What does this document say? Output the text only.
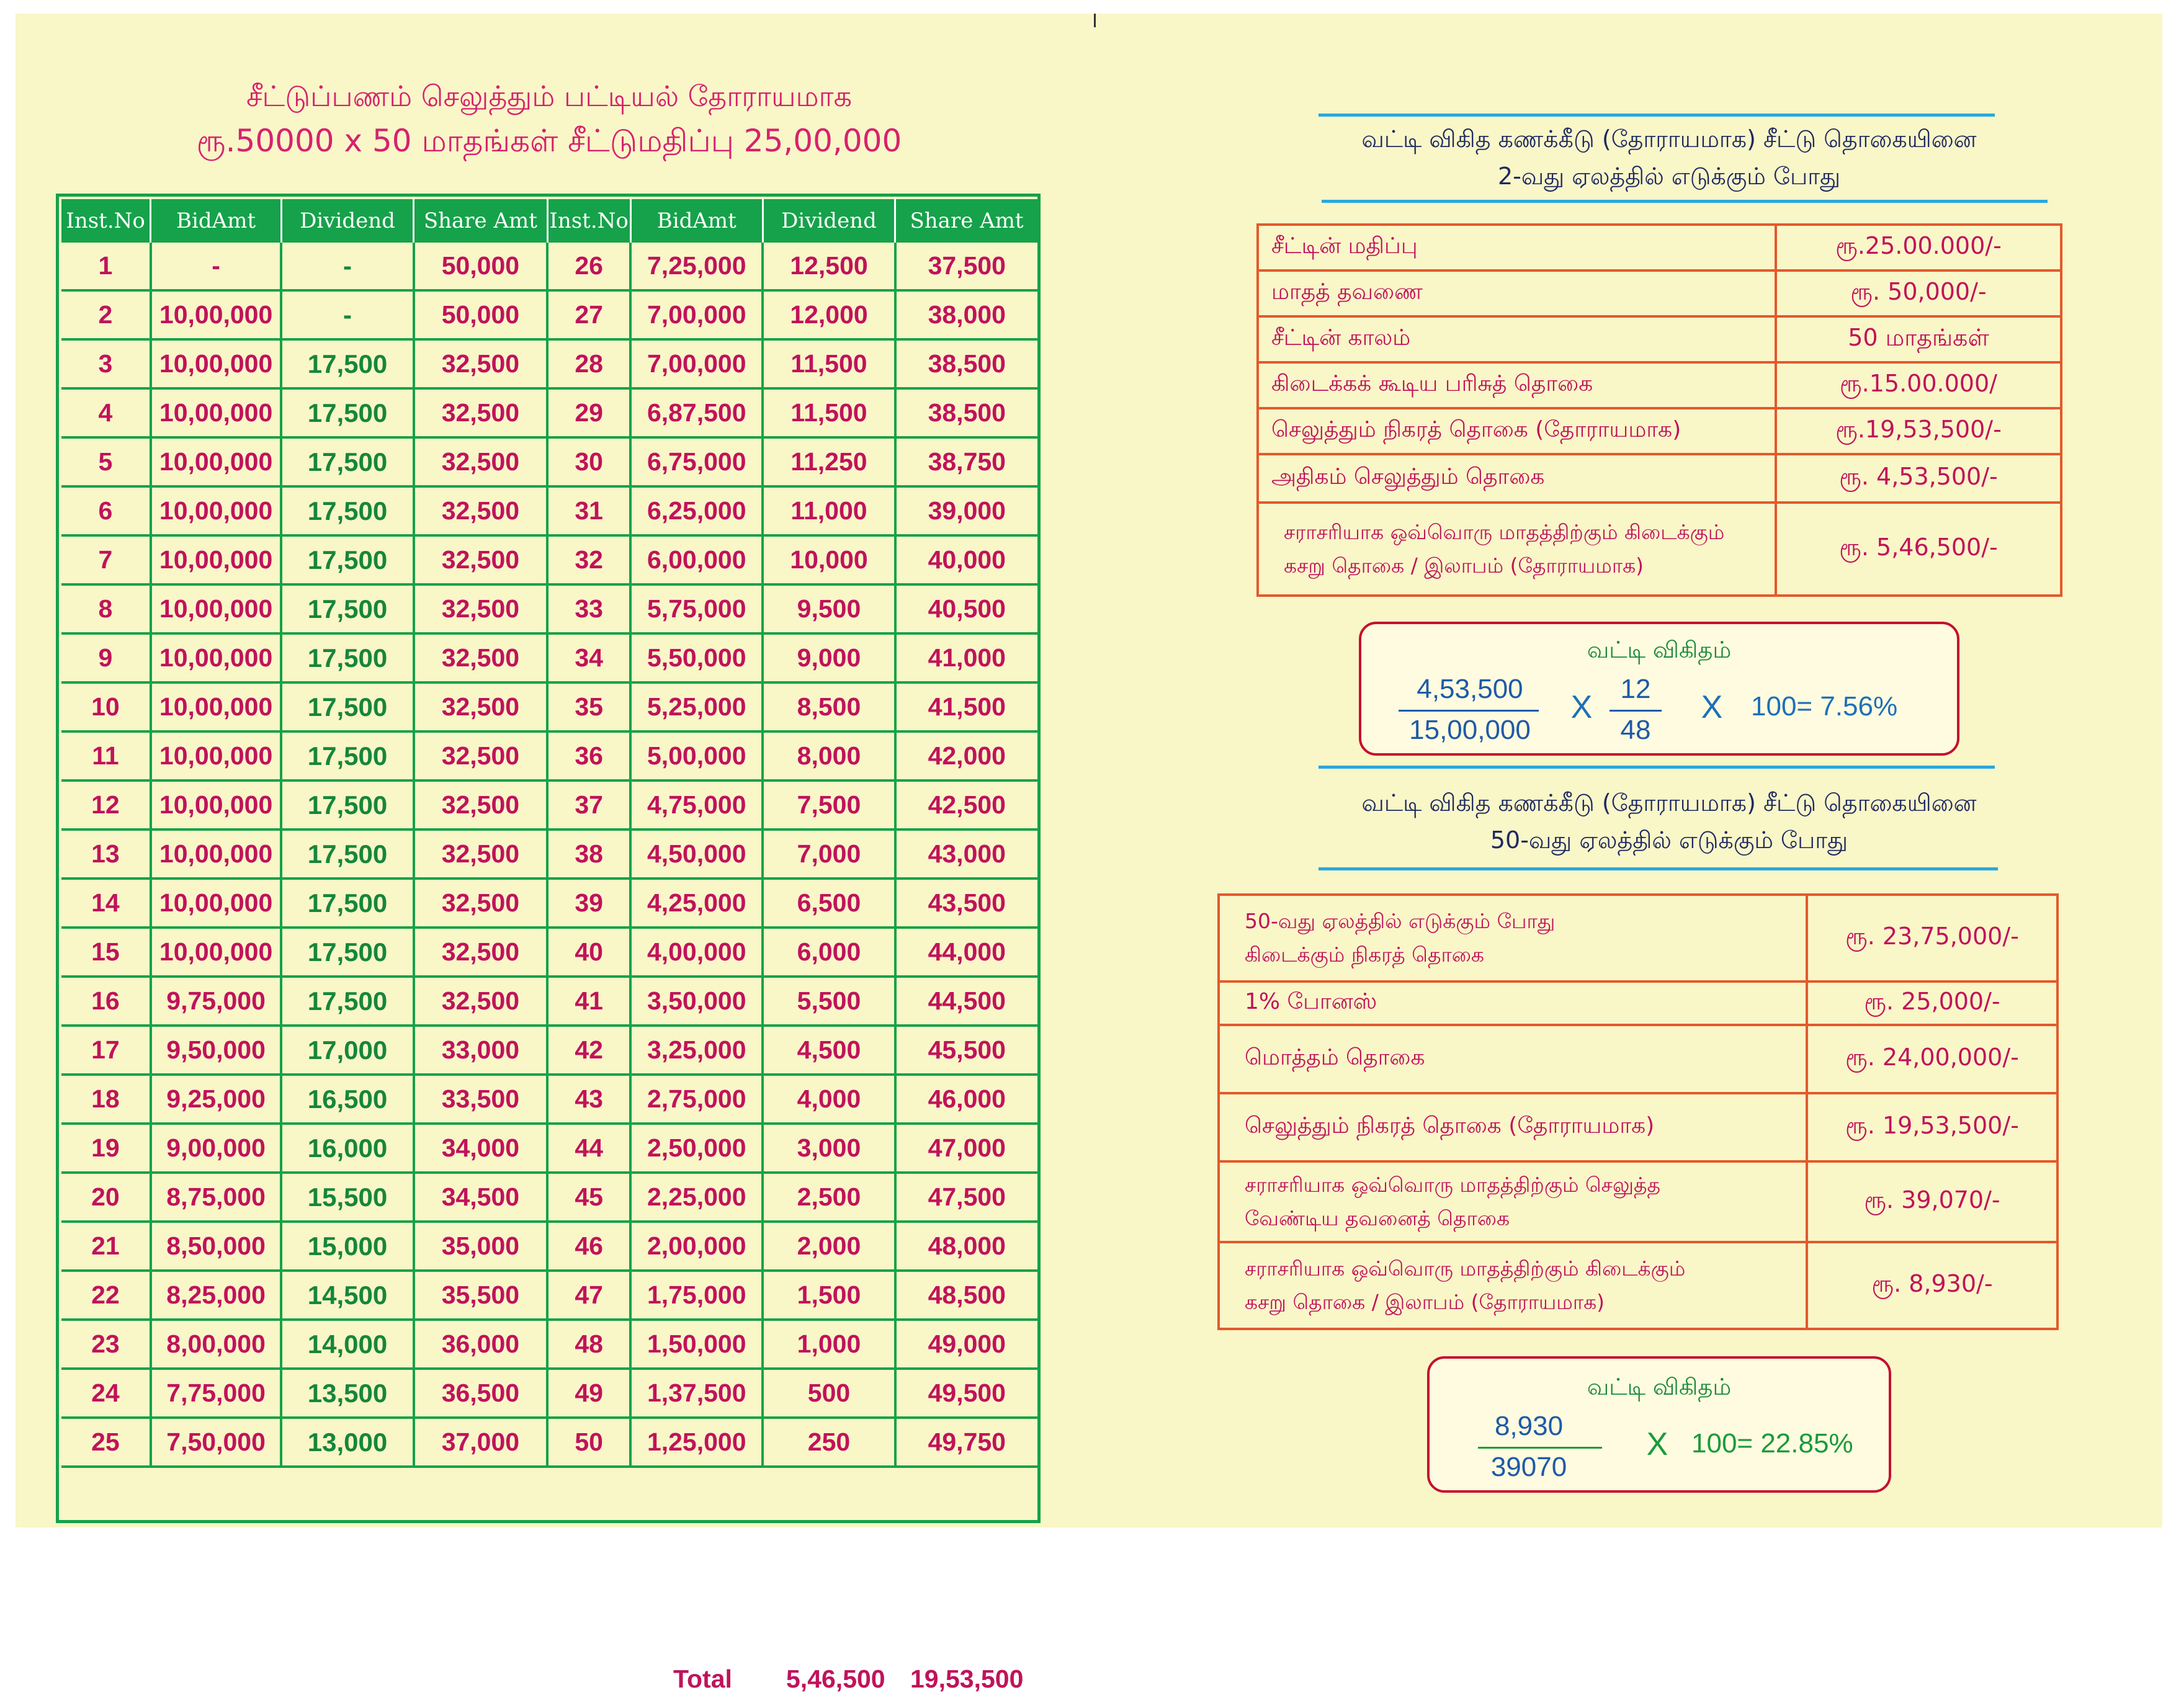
சீட்டுப்பணம் செலுத்தும் பட்டியல் தோராயமாக
ரூ.50000 x 50 மாதங்கள் சீட்டுமதிப்பு 25,00,000
Inst.No	BidAmt	Dividend	Share Amt	Inst.No	BidAmt	Dividend	Share Amt
1	-	-	50,000	26	7,25,000	12,500	37,500
2	10,00,000	-	50,000	27	7,00,000	12,000	38,000
3	10,00,000	17,500	32,500	28	7,00,000	11,500	38,500
4	10,00,000	17,500	32,500	29	6,87,500	11,500	38,500
5	10,00,000	17,500	32,500	30	6,75,000	11,250	38,750
6	10,00,000	17,500	32,500	31	6,25,000	11,000	39,000
7	10,00,000	17,500	32,500	32	6,00,000	10,000	40,000
8	10,00,000	17,500	32,500	33	5,75,000	9,500	40,500
9	10,00,000	17,500	32,500	34	5,50,000	9,000	41,000
10	10,00,000	17,500	32,500	35	5,25,000	8,500	41,500
11	10,00,000	17,500	32,500	36	5,00,000	8,000	42,000
12	10,00,000	17,500	32,500	37	4,75,000	7,500	42,500
13	10,00,000	17,500	32,500	38	4,50,000	7,000	43,000
14	10,00,000	17,500	32,500	39	4,25,000	6,500	43,500
15	10,00,000	17,500	32,500	40	4,00,000	6,000	44,000
16	9,75,000	17,500	32,500	41	3,50,000	5,500	44,500
17	9,50,000	17,000	33,000	42	3,25,000	4,500	45,500
18	9,25,000	16,500	33,500	43	2,75,000	4,000	46,000
19	9,00,000	16,000	34,000	44	2,50,000	3,000	47,000
20	8,75,000	15,500	34,500	45	2,25,000	2,500	47,500
21	8,50,000	15,000	35,000	46	2,00,000	2,000	48,000
22	8,25,000	14,500	35,500	47	1,75,000	1,500	48,500
23	8,00,000	14,000	36,000	48	1,50,000	1,000	49,000
24	7,75,000	13,500	36,500	49	1,37,500	500	49,500
25	7,50,000	13,000	37,000	50	1,25,000	250	49,750
Total 5,46,500 19,53,500
வட்டி விகித கணக்கீடு (தோராயமாக) சீட்டு தொகையினை
2-வது ஏலத்தில் எடுக்கும் போது
சீட்டின் மதிப்பு	ரூ.25.00.000/-
மாதத் தவணை	ரூ. 50,000/-
சீட்டின் காலம்	50 மாதங்கள்
கிடைக்கக் கூடிய பரிசுத் தொகை	ரூ.15.00.000/
செலுத்தும் நிகரத் தொகை (தோராயமாக)	ரூ.19,53,500/-
அதிகம் செலுத்தும் தொகை	ரூ. 4,53,500/-

சராசரியாக ஒவ்வொரு மாதத்திற்கும் கிடைக்கும்
கசறு தொகை / இலாபம் (தோராயமாக)	ரூ. 5,46,500/-
வட்டி விகிதம்
4,53,500
15,00,000
X
12
48
X 100= 7.56%
வட்டி விகித கணக்கீடு (தோராயமாக) சீட்டு தொகையினை
50-வது ஏலத்தில் எடுக்கும் போது
50-வது ஏலத்தில் எடுக்கும் போது
கிடைக்கும் நிகரத் தொகை	ரூ. 23,75,000/-

1% போனஸ்	ரூ. 25,000/-

மொத்தம் தொகை	ரூ. 24,00,000/-

செலுத்தும் நிகரத் தொகை (தோராயமாக)	ரூ. 19,53,500/-

சராசரியாக ஒவ்வொரு மாதத்திற்கும் செலுத்த
வேண்டிய தவனைத் தொகை	ரூ. 39,070/-

சராசரியாக ஒவ்வொரு மாதத்திற்கும் கிடைக்கும்
கசறு தொகை / இலாபம் (தோராயமாக)	ரூ. 8,930/-
வட்டி விகிதம்
8,930
39070
X 100= 22.85%
